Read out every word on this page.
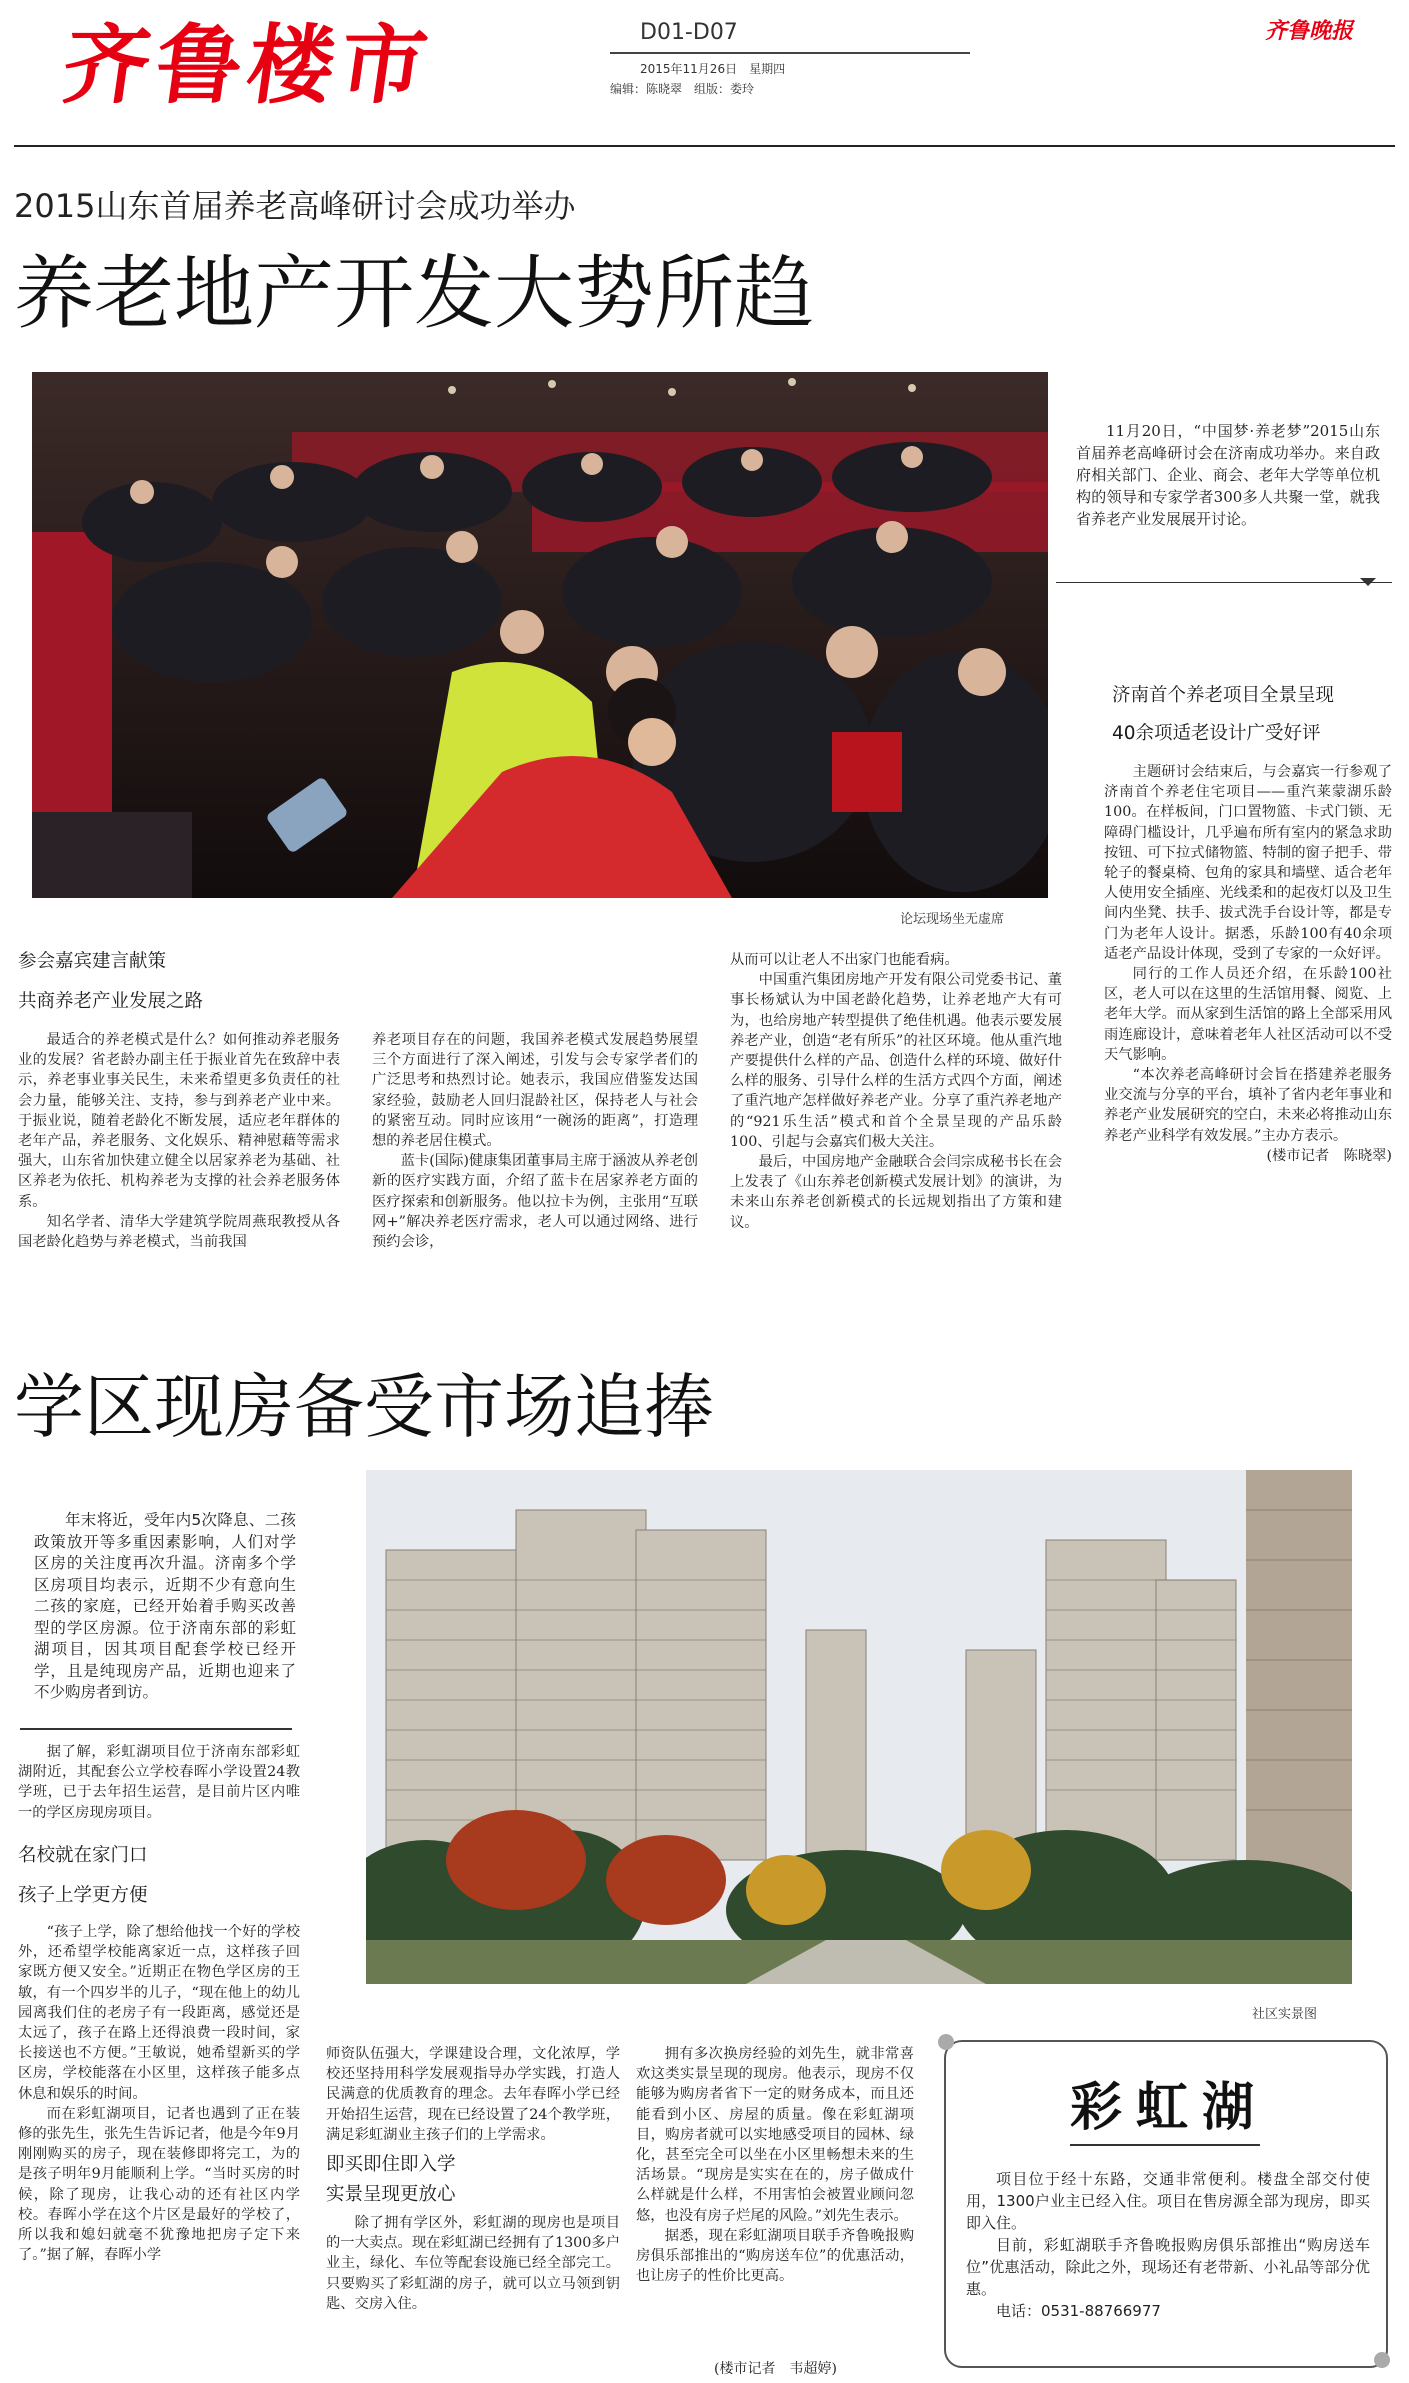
齐鲁楼市	D01-D07
2015年11月26日　星期四
编辑：陈晓翠　组版：娄玲
齐鲁晚报
2015山东首届养老高峰研讨会成功举办
养老地产开发大势所趋
论坛现场坐无虚席

11月20日，“中国梦·养老梦”2015山东首届养老高峰研讨会在济南成功举办。来自政府相关部门、企业、商会、老年大学等单位机构的领导和专家学者300多人共聚一堂，就我省养老产业发展展开讨论。

济南首个养老项目全景呈现
40余项适老设计广受好评

主题研讨会结束后，与会嘉宾一行参观了济南首个养老住宅项目——重汽莱蒙湖乐龄100。在样板间，门口置物篮、卡式门锁、无障碍门槛设计，几乎遍布所有室内的紧急求助按钮、可下拉式储物篮、特制的窗子把手、带轮子的餐桌椅、包角的家具和墙壁、适合老年人使用安全插座、光线柔和的起夜灯以及卫生间内坐凳、扶手、拔式洗手台设计等，都是专门为老年人设计。据悉，乐龄100有40余项适老产品设计体现，受到了专家的一众好评。

同行的工作人员还介绍，在乐龄100社区，老人可以在这里的生活馆用餐、阅览、上老年大学。而从家到生活馆的路上全部采用风雨连廊设计，意味着老年人社区活动可以不受天气影响。

“本次养老高峰研讨会旨在搭建养老服务业交流与分享的平台，填补了省内老年事业和养老产业发展研究的空白，未来必将推动山东养老产业科学有效发展。”主办方表示。

(楼市记者　陈晓翠)
参会嘉宾建言献策
共商养老产业发展之路

最适合的养老模式是什么？如何推动养老服务业的发展？省老龄办副主任于振业首先在致辞中表示，养老事业事关民生，未来希望更多负责任的社会力量，能够关注、支持，参与到养老产业中来。于振业说，随着老龄化不断发展，适应老年群体的老年产品，养老服务、文化娱乐、精神慰藉等需求强大，山东省加快建立健全以居家养老为基础、社区养老为依托、机构养老为支撑的社会养老服务体系。

知名学者、清华大学建筑学院周燕珉教授从各国老龄化趋势与养老模式，当前我国

养老项目存在的问题，我国养老模式发展趋势展望三个方面进行了深入阐述，引发与会专家学者们的广泛思考和热烈讨论。她表示，我国应借鉴发达国家经验，鼓励老人回归混龄社区，保持老人与社会的紧密互动。同时应该用“一碗汤的距离”，打造理想的养老居住模式。

蓝卡(国际)健康集团董事局主席于涵波从养老创新的医疗实践方面，介绍了蓝卡在居家养老方面的医疗探索和创新服务。他以拉卡为例，主张用“互联网+”解决养老医疗需求，老人可以通过网络、进行预约会诊，

从而可以让老人不出家门也能看病。

中国重汽集团房地产开发有限公司党委书记、董事长杨斌认为中国老龄化趋势，让养老地产大有可为，也给房地产转型提供了绝佳机遇。他表示要发展养老产业，创造“老有所乐”的社区环境。他从重汽地产要提供什么样的产品、创造什么样的环境、做好什么样的服务、引导什么样的生活方式四个方面，阐述了重汽地产怎样做好养老产业。分享了重汽养老地产的“921乐生活”模式和首个全景呈现的产品乐龄100、引起与会嘉宾们极大关注。

最后，中国房地产金融联合会闫宗成秘书长在会上发表了《山东养老创新模式发展计划》的演讲，为未来山东养老创新模式的长远规划指出了方策和建议。

学区现房备受市场追捧

年末将近，受年内5次降息、二孩政策放开等多重因素影响，人们对学区房的关注度再次升温。济南多个学区房项目均表示，近期不少有意向生二孩的家庭，已经开始着手购买改善型的学区房源。位于济南东部的彩虹湖项目，因其项目配套学校已经开学，且是纯现房产品，近期也迎来了不少购房者到访。

社区实景图

据了解，彩虹湖项目位于济南东部彩虹湖附近，其配套公立学校春晖小学设置24教学班，已于去年招生运营，是目前片区内唯一的学区房现房项目。

名校就在家门口
孩子上学更方便

“孩子上学，除了想给他找一个好的学校外，还希望学校能离家近一点，这样孩子回家既方便又安全。”近期正在物色学区房的王敏，有一个四岁半的儿子，“现在他上的幼儿园离我们住的老房子有一段距离，感觉还是太远了，孩子在路上还得浪费一段时间，家长接送也不方便。”王敏说，她希望新买的学区房，学校能落在小区里，这样孩子能多点休息和娱乐的时间。

而在彩虹湖项目，记者也遇到了正在装修的张先生，张先生告诉记者，他是今年9月刚刚购买的房子，现在装修即将完工，为的是孩子明年9月能顺利上学。“当时买房的时候，除了现房，让我心动的还有社区内学校。春晖小学在这个片区是最好的学校了，所以我和媳妇就毫不犹豫地把房子定下来了。”据了解，春晖小学

师资队伍强大，学课建设合理，文化浓厚，学校还坚持用科学发展观指导办学实践，打造人民满意的优质教育的理念。去年春晖小学已经开始招生运营，现在已经设置了24个教学班，满足彩虹湖业主孩子们的上学需求。

即买即住即入学
实景呈现更放心

除了拥有学区外，彩虹湖的现房也是项目的一大卖点。现在彩虹湖已经拥有了1300多户业主，绿化、车位等配套设施已经全部完工。只要购买了彩虹湖的房子，就可以立马领到钥匙、交房入住。

拥有多次换房经验的刘先生，就非常喜欢这类实景呈现的现房。他表示，现房不仅能够为购房者省下一定的财务成本，而且还能看到小区、房屋的质量。像在彩虹湖项目，购房者就可以实地感受项目的园林、绿化，甚至完全可以坐在小区里畅想未来的生活场景。“现房是实实在在的，房子做成什么样就是什么样，不用害怕会被置业顾问忽悠，也没有房子烂尾的风险。”刘先生表示。

据悉，现在彩虹湖项目联手齐鲁晚报购房俱乐部推出的“购房送车位”的优惠活动，也让房子的性价比更高。

(楼市记者　韦超婷)
彩虹湖

项目位于经十东路，交通非常便利。楼盘全部交付使用，1300户业主已经入住。项目在售房源全部为现房，即买即入住。

目前，彩虹湖联手齐鲁晚报购房俱乐部推出“购房送车位”优惠活动，除此之外，现场还有老带新、小礼品等部分优惠。

电话：0531-88766977
